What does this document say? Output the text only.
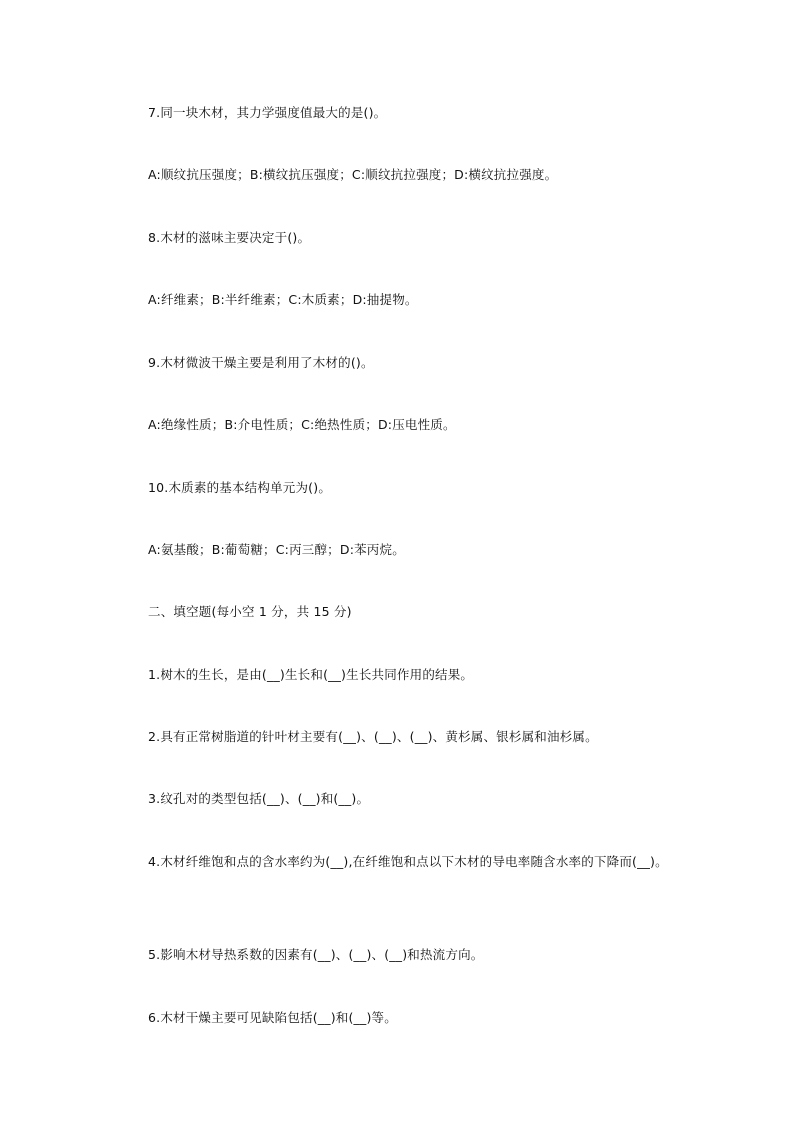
7.同一块木材，其力学强度值最大的是()。
A:顺纹抗压强度；B:横纹抗压强度；C:顺纹抗拉强度；D:横纹抗拉强度。
8.木材的滋味主要决定于()。
A:纤维素；B:半纤维素；C:木质素；D:抽提物。
9.木材微波干燥主要是利用了木材的()。
A:绝缘性质；B:介电性质；C:绝热性质；D:压电性质。
10.木质素的基本结构单元为()。
A:氨基酸；B:葡萄糖；C:丙三醇；D:苯丙烷。
二、填空题(每小空 1 分，共 15 分)
1.树木的生长，是由(__)生长和(__)生长共同作用的结果。
2.具有正常树脂道的针叶材主要有(__)、(__)、(__)、黄杉属、银杉属和油杉属。
3.纹孔对的类型包括(__)、(__)和(__)。
4.木材纤维饱和点的含水率约为(__),在纤维饱和点以下木材的导电率随含水率的下降而(__)。
5.影响木材导热系数的因素有(__)、(__)、(__)和热流方向。
6.木材干燥主要可见缺陷包括(__)和(__)等。
